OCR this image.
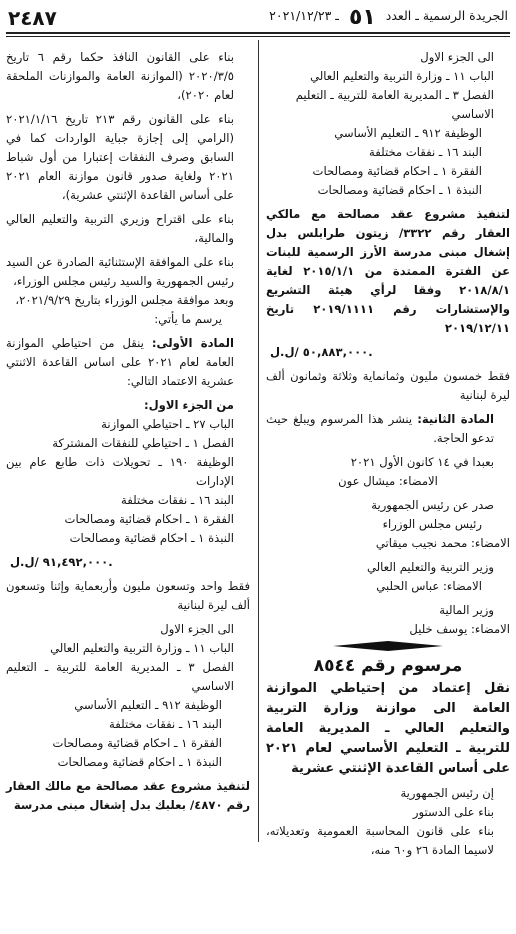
الجريدة الرسمية ـ العدد ٥١ ـ ٢٠٢١/١٢/٢٣
٢٤٨٧

الى الجزء الاول

الباب ١١ ـ وزارة التربية والتعليم العالي

الفصل ٣ ـ المديرية العامة للتربية ـ التعليم الاساسي

الوظيفة ٩١٢ ـ التعليم الأساسي

البند ١٦ ـ نفقات مختلفة

الفقرة ١ ـ احكام قضائية ومصالحات

النبذة ١ ـ احكام قضائية ومصالحات

لتنفيذ مشروع عقد مصالحة مع مالكي العقار رقم ٣٣٢٢/ زيتون طرابلس بدل إشغال مبنى مدرسة الأرز الرسمية للبنات عن الفترة الممتدة من ٢٠١٥/١/١ لغاية ٢٠١٨/٨/١ وفقا لرأي هيئة التشريع والإستشارات رقم ٢٠١٩/١١١١ تاريخ ٢٠١٩/١٢/١١

٥٠,٨٨٣,٠٠٠ /ل.ل.

فقط خمسون مليون وثمانماية وثلاثة وثمانون ألف ليرة لبنانية

المادة الثانية: ينشر هذا المرسوم ويبلغ حيث تدعو الحاجة.

بعبدا في ١٤ كانون الأول ٢٠٢١

الامضاء: ميشال عون

صدر عن رئيس الجمهورية

رئيس مجلس الوزراء

الامضاء: محمد نجيب ميقاتي

وزير التربية والتعليم العالي

الامضاء: عباس الحلبي

وزير المالية

الامضاء: يوسف خليل

مرسوم رقم ٨٥٤٤

نقل إعتماد من إحتياطي الموازنة العامة الى موازنة وزارة التربية والتعليم العالي ـ المديرية العامة للتربية ـ التعليم الأساسي لعام ٢٠٢١ على أساس القاعدة الإثنتي عشرية

إن رئيس الجمهورية

بناء على الدستور

بناء على قانون المحاسبة العمومية وتعديلاته، لاسيما المادة ٢٦ و٦٠ منه،

بناء على القانون النافذ حكما رقم ٦ تاريخ ٢٠٢٠/٣/٥ (الموازنة العامة والموازنات الملحقة لعام ٢٠٢٠)،

بناء على القانون رقم ٢١٣ تاريخ ٢٠٢١/١/١٦ (الرامي إلى إجازة جباية الواردات كما في السابق وصرف النفقات إعتبارا من أول شباط ٢٠٢١ ولغاية صدور قانون موازنة العام ٢٠٢١ على أساس القاعدة الإثنتي عشرية)،

بناء على اقتراح وزيري التربية والتعليم العالي والمالية،

بناء على الموافقة الإستثنائية الصادرة عن السيد رئيس الجمهورية والسيد رئيس مجلس الوزراء،

وبعد موافقة مجلس الوزراء بتاريخ ٢٠٢١/٩/٢٩،

يرسم ما يأتي:

المادة الأولى: ينقل من احتياطي الموازنة العامة لعام ٢٠٢١ على اساس القاعدة الاثنتي عشرية الاعتماد التالي:

من الجزء الاول:

الباب ٢٧ ـ احتياطي الموازنة

الفصل ١ ـ احتياطي للنفقات المشتركة

الوظيفة ١٩٠ ـ تحويلات ذات طابع عام بين الإدارات

البند ١٦ ـ نفقات مختلفة

الفقرة ١ ـ احكام قضائية ومصالحات

النبذة ١ ـ احكام قضائية ومصالحات

٩١,٤٩٢,٠٠٠ /ل.ل.

فقط واحد وتسعون مليون وأربعماية وإثنا وتسعون ألف ليرة لبنانية

الى الجزء الاول

الباب ١١ ـ وزارة التربية والتعليم العالي

الفصل ٣ ـ المديرية العامة للتربية ـ التعليم الاساسي

الوظيفة ٩١٢ ـ التعليم الأساسي

البند ١٦ ـ نفقات مختلفة

الفقرة ١ ـ احكام قضائية ومصالحات

النبذة ١ ـ احكام قضائية ومصالحات

لتنفيذ مشروع عقد مصالحة مع مالك العقار رقم ٤٨٧٠/ بعلبك بدل إشغال مبنى مدرسة
